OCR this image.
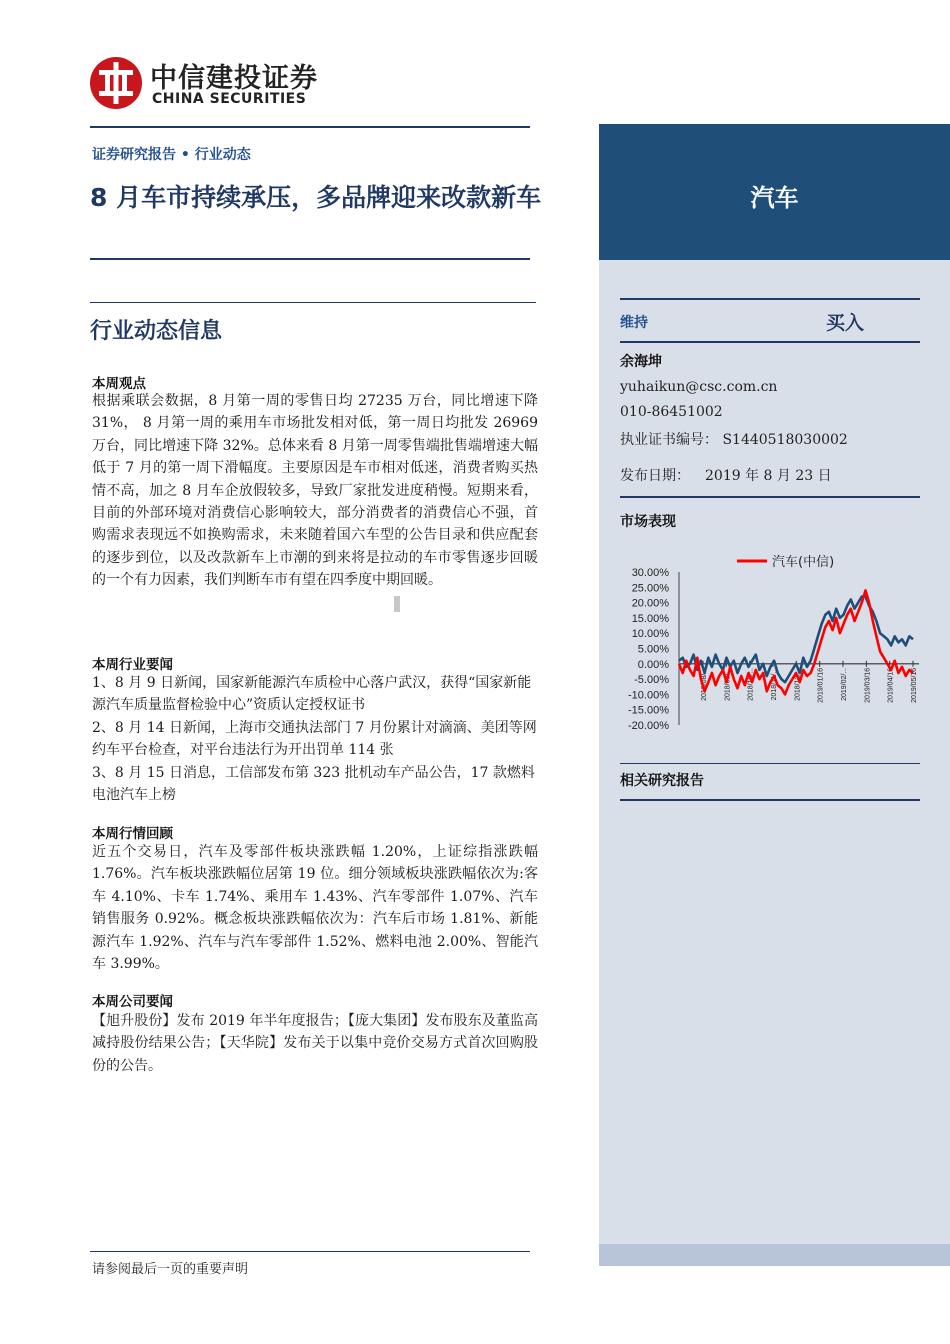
中信建投证券
CHINA SECURITIES
证券研究报告 • 行业动态
8 月车市持续承压，多品牌迎来改款新车
行业动态信息
本周观点
根据乘联会数据，8 月第一周的零售日均 27235 万台，同比增速下降 31%， 8 月第一周的乘用车市场批发相对低，第一周日均批发 26969 万台，同比增速下降 32%。总体来看 8 月第一周零售端批售端增速大幅低于 7 月的第一周下滑幅度。主要原因是车市相对低迷，消费者购买热情不高，加之 8 月车企放假较多，导致厂家批发进度稍慢。短期来看，目前的外部环境对消费信心影响较大，部分消费者的消费信心不强，首购需求表现远不如换购需求，未来随着国六车型的公告目录和供应配套的逐步到位，以及改款新车上市潮的到来将是拉动的车市零售逐步回暖的一个有力因素，我们判断车市有望在四季度中期回暖。
本周行业要闻
1、8 月 9 日新闻，国家新能源汽车质检中心落户武汉，获得“国家新能源汽车质量监督检验中心”资质认定授权证书
2、8 月 14 日新闻，上海市交通执法部门 7 月份累计对滴滴、美团等网约车平台检查，对平台违法行为开出罚单 114 张
3、8 月 15 日消息，工信部发布第 323 批机动车产品公告，17 款燃料电池汽车上榜
本周行情回顾
近五个交易日，汽车及零部件板块涨跌幅 1.20%，上证综指涨跌幅 1.76%。汽车板块涨跌幅位居第 19 位。细分领域板块涨跌幅依次为:客车 4.10%、卡车 1.74%、乘用车 1.43%、汽车零部件 1.07%、汽车销售服务 0.92%。概念板块涨跌幅依次为：汽车后市场 1.81%、新能源汽车 1.92%、汽车与汽车零部件 1.52%、燃料电池 2.00%、智能汽车 3.99%。
本周公司要闻
【旭升股份】发布 2019 年半年度报告；【庞大集团】发布股东及董监高减持股份结果公告；【天华院】发布关于以集中竞价交易方式首次回购股份的公告。
请参阅最后一页的重要声明
汽车
维持	买入
余海坤
yuhaikun@csc.com.cn
010-86451002
执业证书编号： S1440518030002
发布日期： 2019 年 8 月 23 日
市场表现
30.00%
25.00%
20.00%
15.00%
10.00%
5.00%
0.00%
-5.00%
-10.00%
-15.00%
-20.00%
2018/08/... 2018/09/... 2018/10/... 2018/11/... 2018/12/... 2019/01/16 2019/02/... 2019/03/16 2019/04/16 2019/05/16
汽车(中信)
相关研究报告
